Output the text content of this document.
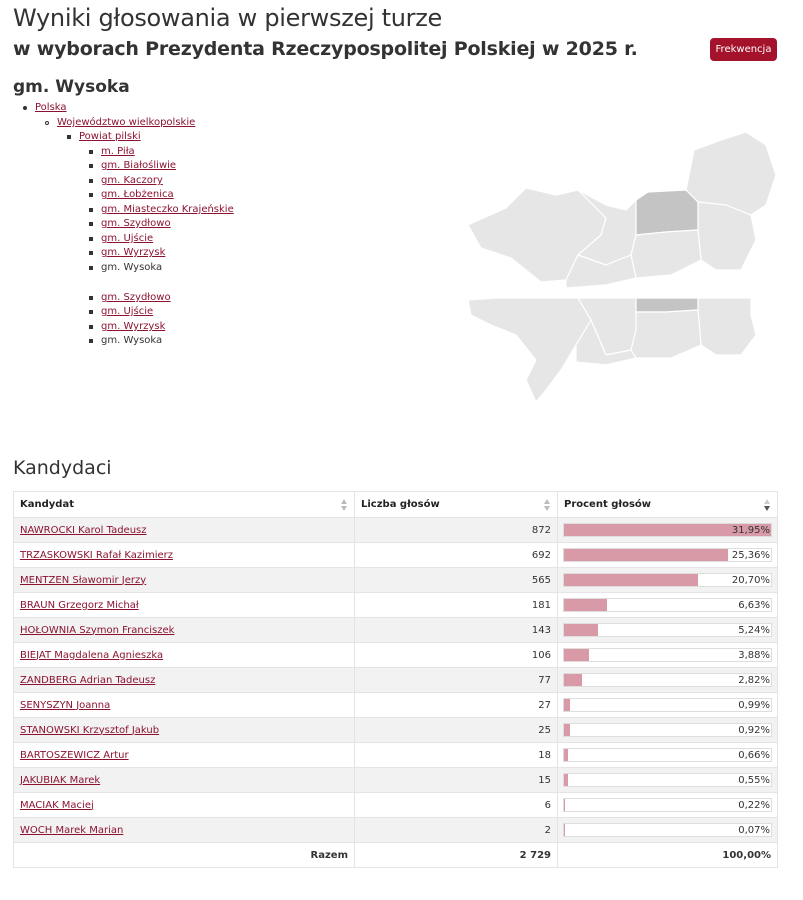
Wyniki głosowania w pierwszej turze
w wyborach Prezydenta Rzeczypospolitej Polskiej w 2025 r.	Frekwencja
gm. Wysoka
Polska
Województwo wielkopolskie
Powiat pilski
m. Piła
gm. Białośliwie
gm. Kaczory
gm. Łobżenica
gm. Miasteczko Krajeńskie
gm. Szydłowo
gm. Ujście
gm. Wyrzysk
gm. Wysoka
gm. Szydłowo
gm. Ujście
gm. Wyrzysk
gm. Wysoka
Kandydaci
Kandydat	Liczba głosów	Procent głosów

NAWROCKI Karol Tadeusz	872	31,95%

TRZASKOWSKI Rafał Kazimierz	692	25,36%

MENTZEN Sławomir Jerzy	565	20,70%

BRAUN Grzegorz Michał	181	6,63%

HOŁOWNIA Szymon Franciszek	143	5,24%

BIEJAT Magdalena Agnieszka	106	3,88%

ZANDBERG Adrian Tadeusz	77	2,82%

SENYSZYN Joanna	27	0,99%

STANOWSKI Krzysztof Jakub	25	0,92%

BARTOSZEWICZ Artur	18	0,66%

JAKUBIAK Marek	15	0,55%

MACIAK Maciej	6	0,22%

WOCH Marek Marian	2	0,07%

Razem	2 729	100,00%
